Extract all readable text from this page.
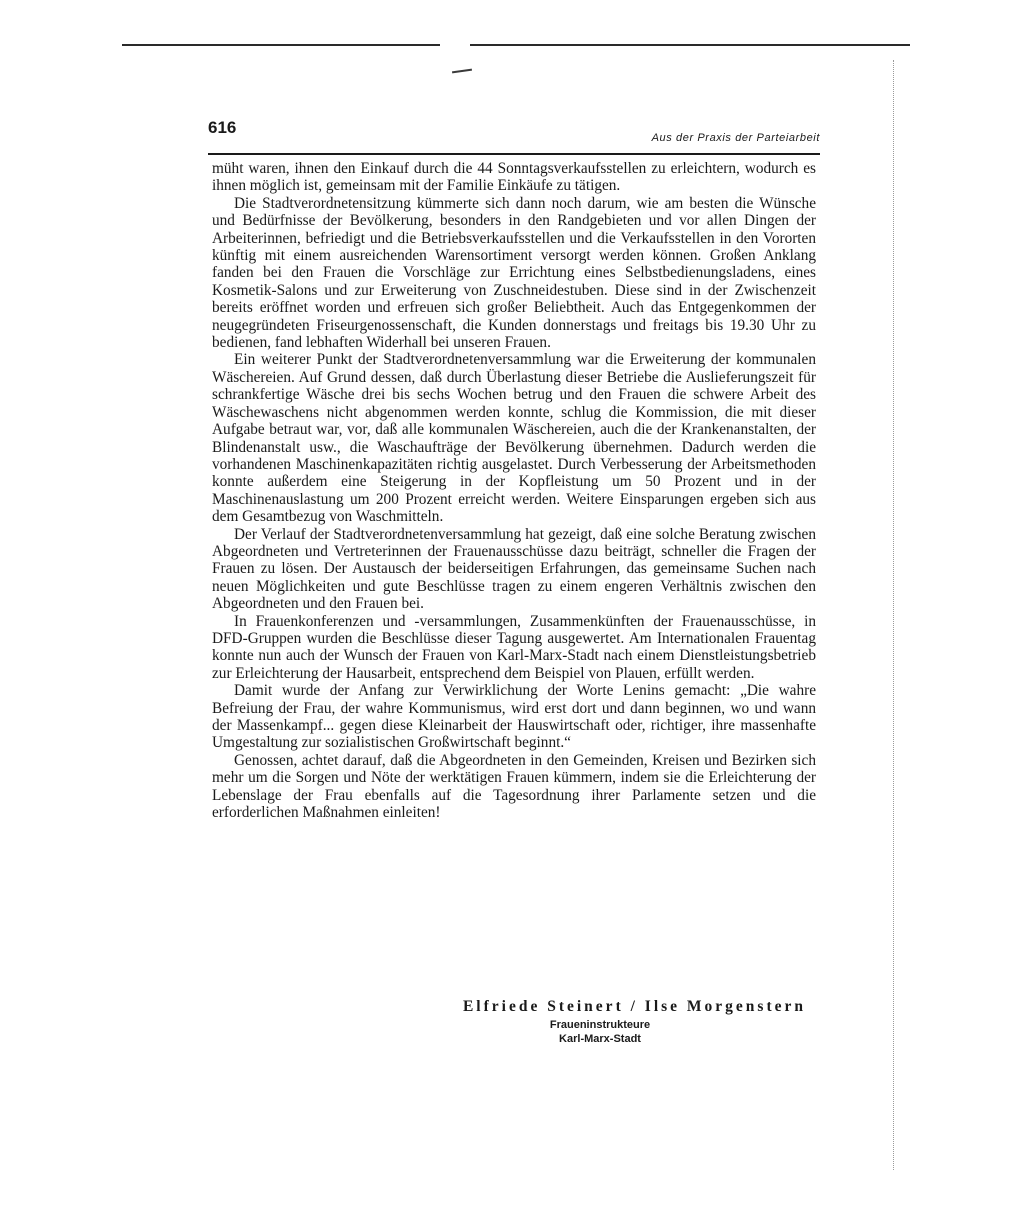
616
Aus der Praxis der Parteiarbeit

müht waren, ihnen den Einkauf durch die 44 Sonntagsverkaufsstellen zu erleichtern, wodurch es ihnen möglich ist, gemeinsam mit der Familie Einkäufe zu tätigen.

Die Stadtverordnetensitzung kümmerte sich dann noch darum, wie am besten die Wünsche und Bedürfnisse der Bevölkerung, besonders in den Randgebieten und vor allen Dingen der Arbeiterinnen, befriedigt und die Betriebsverkaufsstellen und die Verkaufsstellen in den Vororten künftig mit einem ausreichenden Warensortiment versorgt werden können. Großen Anklang fanden bei den Frauen die Vorschläge zur Errichtung eines Selbstbedienungsladens, eines Kosmetik-Salons und zur Erweiterung von Zuschneidestuben. Diese sind in der Zwischenzeit bereits eröffnet worden und erfreuen sich großer Beliebtheit. Auch das Entgegenkommen der neugegründeten Friseurgenossenschaft, die Kunden donnerstags und freitags bis 19.30 Uhr zu bedienen, fand lebhaften Widerhall bei unseren Frauen.

Ein weiterer Punkt der Stadtverordnetenversammlung war die Erweiterung der kommunalen Wäschereien. Auf Grund dessen, daß durch Überlastung dieser Betriebe die Auslieferungszeit für schrankfertige Wäsche drei bis sechs Wochen betrug und den Frauen die schwere Arbeit des Wäschewaschens nicht abgenommen werden konnte, schlug die Kommission, die mit dieser Aufgabe betraut war, vor, daß alle kommunalen Wäschereien, auch die der Krankenanstalten, der Blindenanstalt usw., die Waschaufträge der Bevölkerung übernehmen. Dadurch werden die vorhandenen Maschinenkapazitäten richtig ausgelastet. Durch Verbesserung der Arbeitsmethoden konnte außerdem eine Steigerung in der Kopfleistung um 50 Prozent und in der Maschinenauslastung um 200 Prozent erreicht werden. Weitere Einsparungen ergeben sich aus dem Gesamtbezug von Waschmitteln.

Der Verlauf der Stadtverordnetenversammlung hat gezeigt, daß eine solche Beratung zwischen Abgeordneten und Vertreterinnen der Frauenausschüsse dazu beiträgt, schneller die Fragen der Frauen zu lösen. Der Austausch der beiderseitigen Erfahrungen, das gemeinsame Suchen nach neuen Möglichkeiten und gute Beschlüsse tragen zu einem engeren Verhältnis zwischen den Abgeordneten und den Frauen bei.

In Frauenkonferenzen und -versammlungen, Zusammenkünften der Frauenausschüsse, in DFD-Gruppen wurden die Beschlüsse dieser Tagung ausgewertet. Am Internationalen Frauentag konnte nun auch der Wunsch der Frauen von Karl-Marx-Stadt nach einem Dienstleistungsbetrieb zur Erleichterung der Hausarbeit, entsprechend dem Beispiel von Plauen, erfüllt werden.

Damit wurde der Anfang zur Verwirklichung der Worte Lenins gemacht: „Die wahre Befreiung der Frau, der wahre Kommunismus, wird erst dort und dann beginnen, wo und wann der Massenkampf... gegen diese Kleinarbeit der Hauswirtschaft oder, richtiger, ihre massenhafte Umgestaltung zur sozialistischen Großwirtschaft beginnt.“

Genossen, achtet darauf, daß die Abgeordneten in den Gemeinden, Kreisen und Bezirken sich mehr um die Sorgen und Nöte der werktätigen Frauen kümmern, indem sie die Erleichterung der Lebenslage der Frau ebenfalls auf die Tagesordnung ihrer Parlamente setzen und die erforderlichen Maßnahmen einleiten!

Elfriede Steinert / Ilse Morgenstern
Fraueninstrukteure
Karl-Marx-Stadt
